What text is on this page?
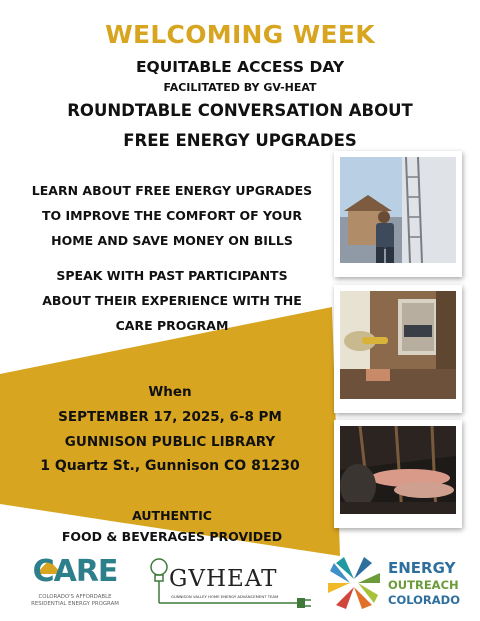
WELCOMING WEEK
EQUITABLE ACCESS DAY
FACILITATED BY GV-HEAT
ROUNDTABLE CONVERSATION ABOUT
FREE ENERGY UPGRADES
LEARN ABOUT FREE ENERGY UPGRADES
TO IMPROVE THE COMFORT OF YOUR
HOME AND SAVE MONEY ON BILLS
SPEAK WITH PAST PARTICIPANTS
ABOUT THEIR EXPERIENCE WITH THE
CARE PROGRAM
When
SEPTEMBER 17, 2025, 6-8 PM
GUNNISON PUBLIC LIBRARY
1 Quartz St., Gunnison CO 81230
AUTHENTIC
FOOD & BEVERAGES PROVIDED
CARE
COLORADO'S AFFORDABLE
RESIDENTIAL ENERGY PROGRAM
GVHEAT
GUNNISON VALLEY HOME ENERGY ADVANCEMENT TEAM
ENERGY
OUTREACH
COLORADO
